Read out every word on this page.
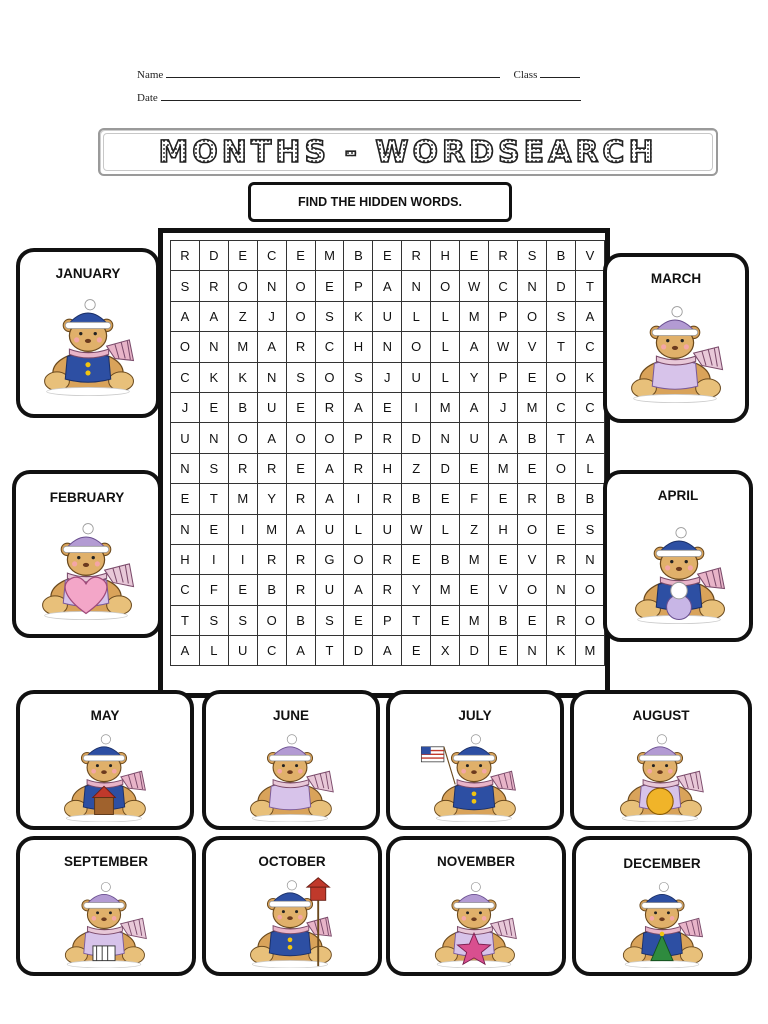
Name	Class
Date
MONTHS - WORDSEARCH
FIND THE HIDDEN WORDS.
R	D	E	C	E	M	B	E	R	H	E	R	S	B	V
S	R	O	N	O	E	P	A	N	O	W	C	N	D	T
A	A	Z	J	O	S	K	U	L	L	M	P	O	S	A
O	N	M	A	R	C	H	N	O	L	A	W	V	T	C
C	K	K	N	S	O	S	J	U	L	Y	P	E	O	K
J	E	B	U	E	R	A	E	I	M	A	J	M	C	C
U	N	O	A	O	O	P	R	D	N	U	A	B	T	A
N	S	R	R	E	A	R	H	Z	D	E	M	E	O	L
E	T	M	Y	R	A	I	R	B	E	F	E	R	B	B
N	E	I	M	A	U	L	U	W	L	Z	H	O	E	S
H	I	I	R	R	G	O	R	E	B	M	E	V	R	N
C	F	E	B	R	U	A	R	Y	M	E	V	O	N	O
T	S	S	O	B	S	E	P	T	E	M	B	E	R	O
A	L	U	C	A	T	D	A	E	X	D	E	N	K	M
JANUARY
FEBRUARY
MARCH
APRIL
MAY	JUNE	JULY	AUGUST
SEPTEMBER	OCTOBER	NOVEMBER	DECEMBER
